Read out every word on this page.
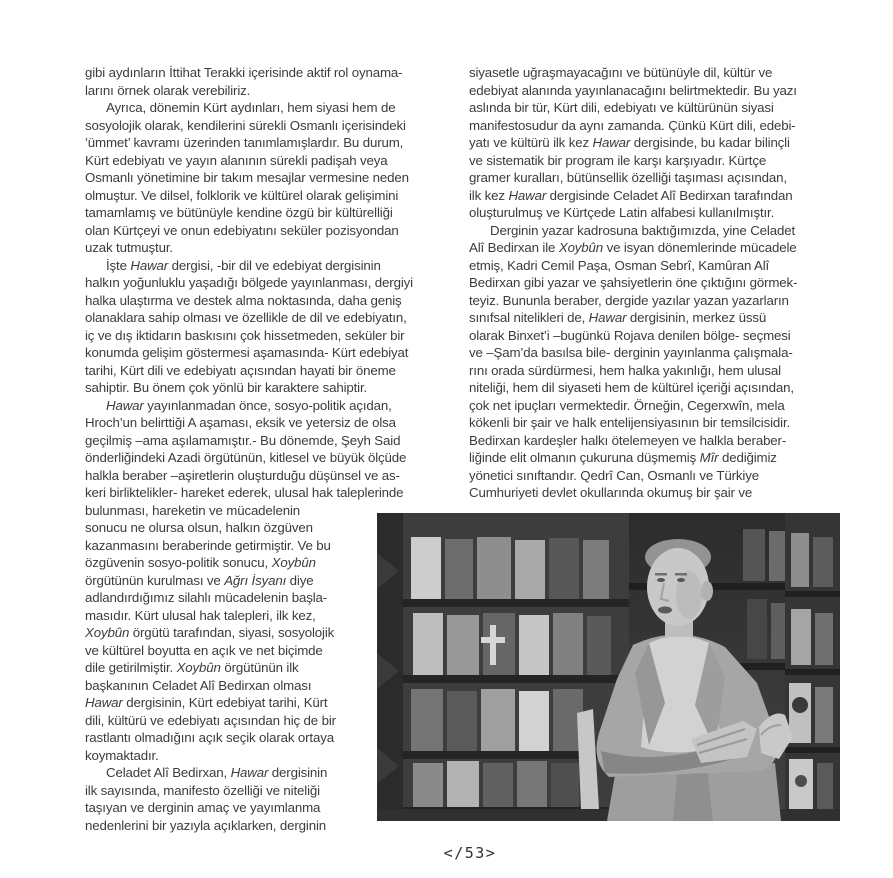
gibi aydınların İttihat Terakki içerisinde aktif rol oynama-
larını örnek olarak verebiliriz.
Ayrıca, dönemin Kürt aydınları, hem siyasi hem de
sosyolojik olarak, kendilerini sürekli Osmanlı içerisindeki
’ümmet’ kavramı üzerinden tanımlamışlardır. Bu durum,
Kürt edebiyatı ve yayın alanının sürekli padişah veya
Osmanlı yönetimine bir takım mesajlar vermesine neden
olmuştur. Ve dilsel, folklorik ve kültürel olarak gelişimini
tamamlamış ve bütünüyle kendine özgü bir kültürelliği
olan Kürtçeyi ve onun edebiyatını seküler pozisyondan
uzak tutmuştur.
İşte Hawar dergisi, -bir dil ve edebiyat dergisinin
halkın yoğunluklu yaşadığı bölgede yayınlanması, dergiyi
halka ulaştırma ve destek alma noktasında, daha geniş
olanaklara sahip olması ve özellikle de dil ve edebiyatın,
iç ve dış iktidarın baskısını çok hissetmeden, seküler bir
konumda gelişim göstermesi aşamasında- Kürt edebiyat
tarihi, Kürt dili ve edebiyatı açısından hayati bir öneme
sahiptir. Bu önem çok yönlü bir karaktere sahiptir.
Hawar yayınlanmadan önce, sosyo-politik açıdan,
Hroch’un belirttiği A aşaması, eksik ve yetersiz de olsa
geçilmiş –ama aşılamamıştır.- Bu dönemde, Şeyh Said
önderliğindeki Azadi örgütünün, kitlesel ve büyük ölçüde
halkla beraber –aşiretlerin oluşturduğu düşünsel ve as-
keri birliktelikler- hareket ederek, ulusal hak taleplerinde
bulunması, hareketin ve mücadelenin
sonucu ne olursa olsun, halkın özgüven
kazanmasını beraberinde getirmiştir. Ve bu
özgüvenin sosyo-politik sonucu, Xoybûn
örgütünün kurulması ve Ağrı İsyanı diye
adlandırdığımız silahlı mücadelenin başla-
masıdır. Kürt ulusal hak talepleri, ilk kez,
Xoybûn örgütü tarafından, siyasi, sosyolojik
ve kültürel boyutta en açık ve net biçimde
dile getirilmiştir. Xoybûn örgütünün ilk
başkanının Celadet Alî Bedirxan olması
Hawar dergisinin, Kürt edebiyat tarihi, Kürt
dili, kültürü ve edebiyatı açısından hiç de bir
rastlantı olmadığını açık seçik olarak ortaya
koymaktadır.
Celadet Alî Bedirxan, Hawar dergisinin
ilk sayısında, manifesto özelliği ve niteliği
taşıyan ve derginin amaç ve yayımlanma
nedenlerini bir yazıyla açıklarken, derginin
siyasetle uğraşmayacağını ve bütünüyle dil, kültür ve
edebiyat alanında yayınlanacağını belirtmektedir. Bu yazı
aslında bir tür, Kürt dili, edebiyatı ve kültürünün siyasi
manifestosudur da aynı zamanda. Çünkü Kürt dili, edebi-
yatı ve kültürü ilk kez Hawar dergisinde, bu kadar bilinçli
ve sistematik bir program ile karşı karşıyadır. Kürtçe
gramer kuralları, bütünsellik özelliği taşıması açısından,
ilk kez Hawar dergisinde Celadet Alî Bedirxan tarafından
oluşturulmuş ve Kürtçede Latin alfabesi kullanılmıştır.
Derginin yazar kadrosuna baktığımızda, yine Celadet
Alî Bedirxan ile Xoybûn ve isyan dönemlerinde mücadele
etmiş, Kadri Cemil Paşa, Osman Sebrî, Kamûran Alî
Bedirxan gibi yazar ve şahsiyetlerin öne çıktığını görmek-
teyiz. Bununla beraber, dergide yazılar yazan yazarların
sınıfsal nitelikleri de, Hawar dergisinin, merkez üssü
olarak Binxet’i –bugünkü Rojava denilen bölge- seçmesi
ve –Şam’da basılsa bile- derginin yayınlanma çalışmala-
rını orada sürdürmesi, hem halka yakınlığı, hem ulusal
niteliği, hem dil siyaseti hem de kültürel içeriği açısından,
çok net ipuçları vermektedir. Örneğin, Cegerxwîn, mela
kökenli bir şair ve halk entelijensiyasının bir temsilcisidir.
Bedirxan kardeşler halkı ötelemeyen ve halkla beraber-
liğinde elit olmanın çukuruna düşmemiş Mîr dediğimiz
yönetici sınıftandır. Qedrî Can, Osmanlı ve Türkiye
Cumhuriyeti devlet okullarında okumuş bir şair ve
</53>
